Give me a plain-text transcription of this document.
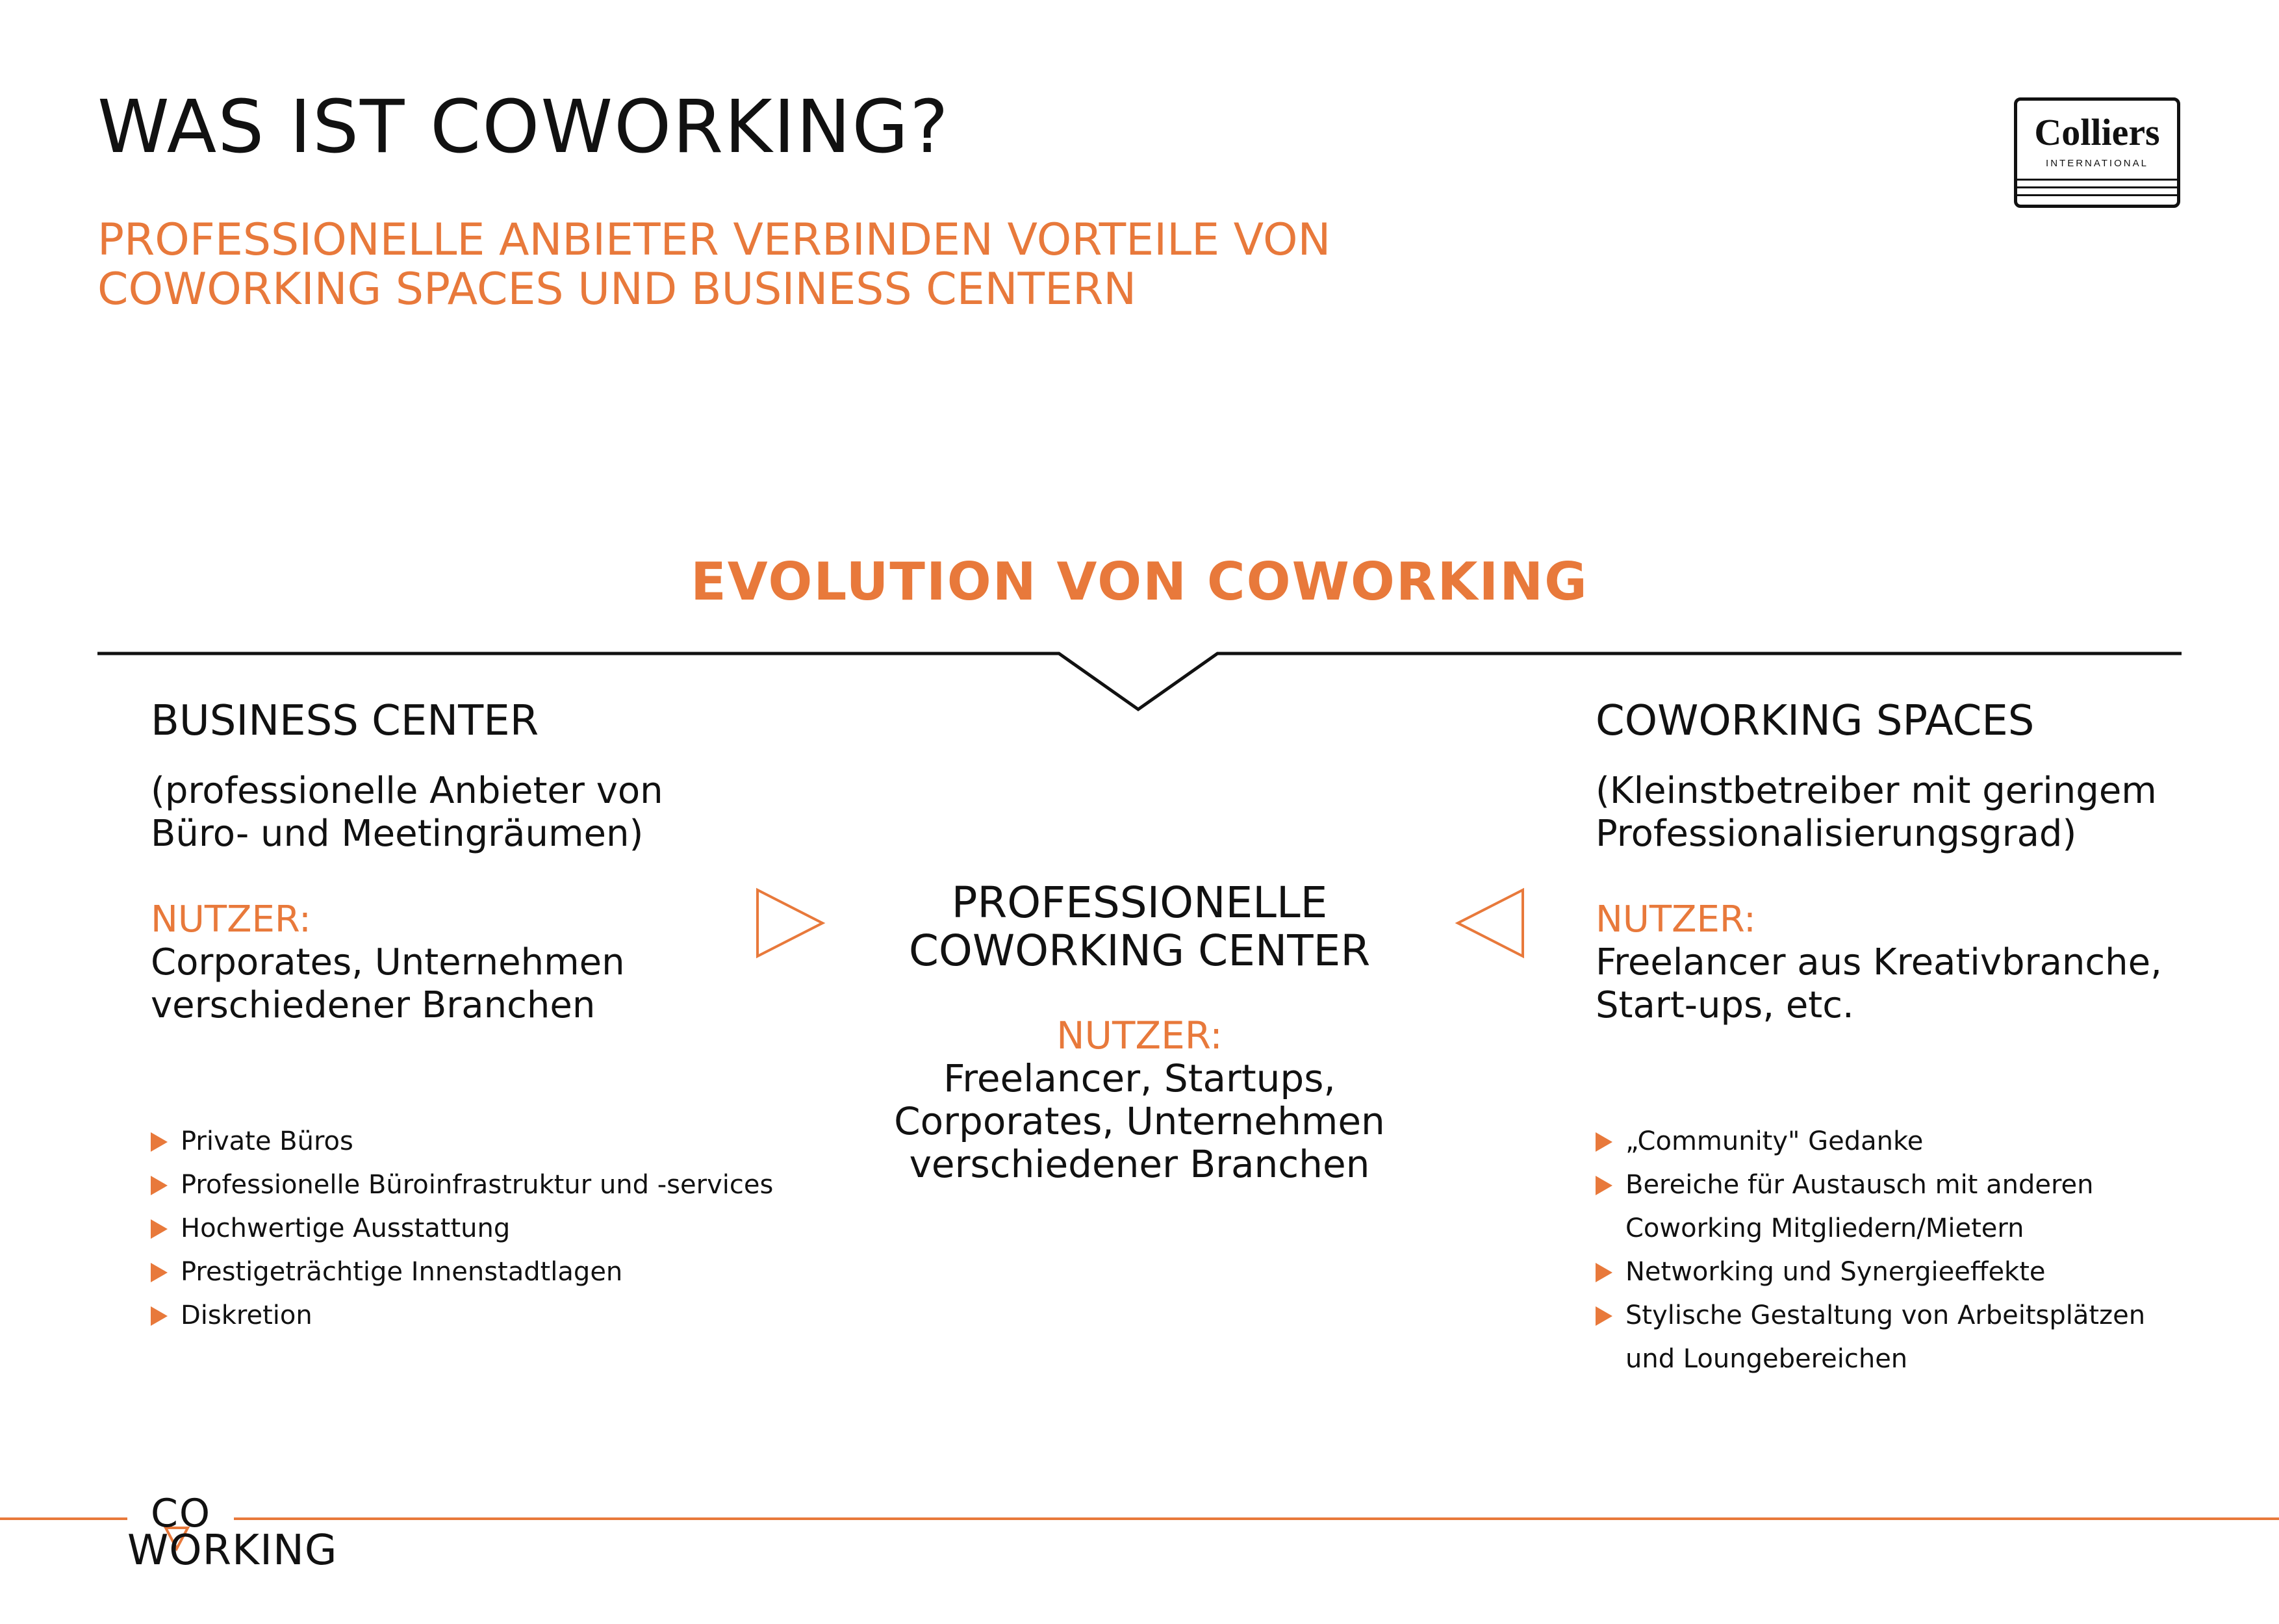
WAS IST COWORKING?
PROFESSIONELLE ANBIETER VERBINDEN VORTEILE VON
COWORKING SPACES UND BUSINESS CENTERN
Colliers
INTERNATIONAL
EVOLUTION VON COWORKING
BUSINESS CENTER
(professionelle Anbieter von
Büro- und Meetingräumen)
NUTZER:
Corporates, Unternehmen
verschiedener Branchen
Private Büros
Professionelle Büroinfrastruktur und -services
Hochwertige Ausstattung
Prestigeträchtige Innenstadtlagen
Diskretion
PROFESSIONELLE
COWORKING CENTER
NUTZER:
Freelancer, Startups,
Corporates, Unternehmen
verschiedener Branchen
COWORKING SPACES
(Kleinstbetreiber mit geringem
Professionalisierungsgrad)
NUTZER:
Freelancer aus Kreativbranche,
Start-ups, etc.
„Community" Gedanke
Bereiche für Austausch mit anderen
Coworking Mitgliedern/Mietern
Networking und Synergieeffekte
Stylische Gestaltung von Arbeitsplätzen
und Loungebereichen
CO
WORKING
